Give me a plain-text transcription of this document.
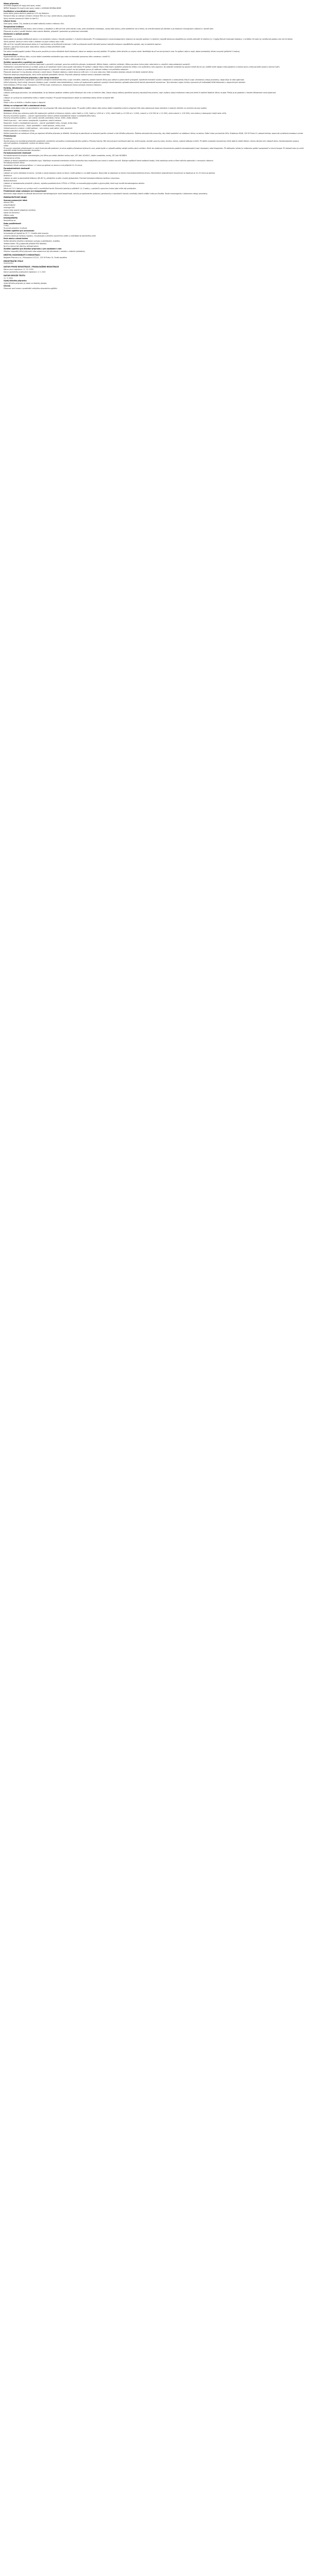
Název přípravku

IXYSPRAY Nalgeset 40 mg/g ústní sprej, roztok

INPRAY Nalgeset 50 mg/ml ústní sprej, roztok v LIDOKAIN BOMBALINSKE

Kvalitativní a kvantitativní složení

Jedna dávka (jedno stlačení) obsahuje 4,25 mg lidokainu.

Pomocné látky se známým účinkem: ethanol 96% (9,2 mg v jedné dávce), propylenglykol.

Úplný seznam pomocných látek viz bod 6.1.

Léková forma

Ústní sprej, roztok. Čirý, bezbarvý až slabě nažloutlý roztok s mátovou vůní.

Terapeutické indikace

Povrchová anestezie sliznice dutiny ústní a hltanu u dospělých a dětí od 6 let: před extrakcí zubu, před zavedením endoskopu, sondy nebo tubusu, před vyšetřením úst a hltanu, ke zmírnění bolesti při afchtách a po drobných chirurgických výkonech v dutině ústní.

Přípravek je určen k použití lékařem nebo zubním lékařem, případně i pacientem po předchozí instruktáži.

Dávkování a způsob podání

Dávkování

Dávka závisí na rozsahu ošetřované plochy a na charakteru výkonu. Obvykle postačují 1–3 stlačení dávkovače. Při endoskopických a bronchoskopických výkonech se obvykle aplikuje 3–4 stlačení; nejvyšší dávka pro dospělého by neměla překročit 20 stlačení (tj. 3 mg/kg tělesné hmotnosti lidokainu). V průběhu 24 hodin by nemělo být podáno více než 40 dávek.

Starší pacienti: dávku je nutno snížit s ohledem na jejich celkový stav a věk.

Děti od 6 let: nejvyšší jednorázová dávka je 3 mg lidokainu na kg tělesné hmotnosti. U dětí se přípravek nanáší výhradně pomocí vatového tamponu napuštěného sprejem, aby se zabránilo aspiraci.

Pacienti s poruchou funkce jater nebo ledvin: dávku je třeba přiměřeně snížit.

Způsob podání

Pro orální a orofaryngeální podání. Před prvním použitím je nutno několikrát stlačit dávkovač, dokud se neobjeví souvislý obláček. Při aplikaci držte lahvičku co nejvíce svisle. Nestříkejte do očí ani do dýchacích cest. Po aplikaci nejíst a nepít, dokud anestetický účinek nevymizí (přibližně 1 hodina).

Kontraindikace

Hypersenzitivita na léčivou látku, na jiná lokální anestetika amidového typu nebo na kteroukoli pomocnou látku uvedenou v bodě 6.1.

Použití u dětí mladších 6 let.

Zvláštní upozornění a opatření pro použití

Přípravek je nutno používat se zvýšenou opatrností u pacientů s epilepsií, poruchou srdečního převodu, bradykardií, těžkým šokem, srdečním selháním, těžkou poruchou funkce jater nebo ledvin a u starších nebo oslabených pacientů.

Vstřebávání z poraněné sliznice je rychlejší, proto je při rozsáhlých lézích nutno použít nižší dávky. Při aplikaci v oblasti hltanu může dojít k potlačení polykacího reflexu a ke zvýšenému riziku aspirace. Do odeznění anestezie by pacient neměl jíst ani pít, zvláště horké nápoje (riziko popálení) a žvýkací gumu (riziko poranění jazyka a sliznice tváří).

Akutní porfyrie: lidokain je pravděpodobně porfyrinogenní, u pacientů s akutní porfyrií má být podáván pouze při naléhavé indikaci a za pečlivého sledování.

Přípravek obsahuje 9,2 mg alkoholu (ethanol) v jedné dávce. Množství alkoholu v jedné dávce je nižší než v 1 ml piva nebo vína. Malé množství alkoholu nebude mít žádné znatelné účinky.

Přípravek obsahuje propylenglykol, který může způsobit podráždění sliznice. Přípravek obsahuje mátové aroma s obsahem mentholu.

Interakce s jinými léčivými přípravky a jiné formy interakce

Lidokain má být používán s opatrností u pacientů užívajících antiarytmika třídy I (např. mexiletin, tokainid), protože toxické účinky jsou aditivní a potenciálně synergické. Specifické interakční studie s lidokainem a antiarytmiky třídy III (např. amiodaron) nebyly provedeny, doporučuje se však opatrnost.

Léčivé přípravky, které snižují clearance lidokainu (např. cimetidin nebo betablokátory), mohou při opakovaném podávání vysokých dávek lidokainu způsobit potenciálně toxické plazmatické koncentrace. Tyto interakce nejsou klinicky významné při krátkodobé léčbě lidokainem v doporučených dávkách.

Silné inhibitory CYP1A2 (např. fluvoxamin) a CYP3A4 (např. erythromycin, itrakonazol) mohou snižovat clearance lidokainu.

Fertilita, těhotenství a kojení

Těhotenství

Lidokain prostupuje placentou. Lze předpokládat, že byl lidokain podáván velkému počtu těhotných žen a žen ve fertilním věku. Dosud nebyly hlášeny specifické poruchy reprodukčního procesu, např. zvýšený výskyt malformací nebo jiné přímé či nepřímé škodlivé účinky na plod. Přesto je při podávání v časném těhotenství nutná opatrnost.

Kojení

Lidokain se vylučuje do mateřského mléka v malém množství. Při použití terapeutických dávek se neočekává žádný účinek na kojené dítě.

Fertilita

Údaje o vlivu na fertilitu u člověka nejsou k dispozici.

Účinky na schopnost řídit a obsluhovat stroje

Lidokain nemá žádný nebo má zanedbatelný vliv na schopnost řídit nebo obsluhovat stroje. Při použití vyšších dávek však mohou lokální anestetika ovlivnit schopnost řídit nebo obsluhovat stroje vzhledem k možným účinkům na centrální nervový systém.

Nežádoucí účinky

Nežádoucí účinky jsou seřazeny podle tříd orgánových systémů a frekvence výskytu: velmi časté (≥ 1/10), časté (≥ 1/100 až < 1/10), méně časté (≥ 1/1 000 až < 1/100), vzácné (≥ 1/10 000 až < 1/1 000), velmi vzácné (< 1/10 000), není známo (z dostupných údajů nelze určit).

Poruchy imunitního systému – vzácné: hypersenzitivní reakce (včetně anafylaktické reakce a anafylaktického šoku).

Poruchy nervového systému – není známo: závratě, parestezie, tremor, křeče, ztráta vědomí.

Srdeční poruchy – není známo: bradykardie, hypotenze, srdeční zástava.

Respirační, hrudní a mediastinální poruchy – vzácné: podráždění hrdla, chrapot, ztráta hlasu.

Gastrointestinální poruchy – časté: podráždění v místě aplikace, změny chuti.

Celkové poruchy a reakce v místě aplikace – není známo: pocit pálení, otok, zarudnutí.

Hlášení podezření na nežádoucí účinky

Hlášení podezření na nežádoucí účinky po registraci léčivého přípravku je důležité. Umožňuje to pokračovat ve sledování poměru přínosů a rizik léčivého přípravku. Žádáme zdravotnické pracovníky, aby hlásili podezření na nežádoucí účinky na adresu: Státní ústav pro kontrolu léčiv, Šrobárova 49/48, 100 00 Praha 10, webové stránky: www.sukl.cz/nahlasit-nezadouci-ucinek.

Předávkování

Symptomy

Toxické projevy se manifestují především postižením centrálního nervového a kardiovaskulárního systému. Příznaky toxicity CNS zahrnují pocit necitlivosti okolí úst, brnění jazyka, závratě, poruchy zraku, tinnitus, tremor, svalové záškuby a křeče. Při dalším zvyšování koncentrace může dojít ke ztrátě vědomí, útlumu dýchání až k zástavě dechu. Kardiovaskulární projevy zahrnují hypotenzi, bradykardii, arytmie až zástavu srdce.

Léčba

Při prvních známkách předávkování je nutné ihned přerušit podávání. Je nutno zajistit průchodnost dýchacích cest, podat kyslík a v případě potřeby zahájit umělou plicní ventilaci. Křeče lze zvládnout intravenózním podáním benzodiazepinů (např. diazepam) nebo thiopentalu. Při oběhovém selhání je indikováno podání vazopresorů a infuzní terapie. Při zástavě srdce je nutné okamžitě zahájit kardiopulmonální resuscitaci.

Farmakodynamické vlastnosti

Farmakoterapeutická skupina: stomatologika, jiná léčiva pro lokální ošetření dutiny ústní, ATC kód: A01AD11; lokální anestetika, amidy, ATC kód: N01BB02.

Mechanismus účinku

Lidokain je lokální anestetikum amidového typu. Stabilizuje neuronální membránu inhibicí iontového toku nezbytného pro iniciaci a vedení vzruchů. Blokuje napěťově řízené sodíkové kanály, čímž zabraňuje vzniku a šíření akčního potenciálu v nervových vláknech.

Farmakodynamické účinky

Anestetický účinek nastupuje během 1–2 minut po aplikaci na sliznici a trvá přibližně 10–15 minut.

Farmakokinetické vlastnosti

Absorpce

Lidokain se rychle vstřebává ze sliznic, rychlost a rozsah absorpce závisí na dávce, místě aplikace a na době expozice. Nejrychleji se absorbuje ze sliznice tracheobronchiálního stromu. Maximálních plazmatických koncentrací se dosahuje za 10–25 minut po aplikaci.

Distribuce

Lidokain se váže na plazmatické bílkoviny (60–80 %), především na alfa-1-kyselý glykoprotein. Prochází hematoencefalickou bariérou i placentou.

Biotransformace

Lidokain je metabolizován převážně v játrech, zejména prostřednictvím CYP1A2 a CYP3A4, na monoethylglycinxylidid a glycinxylidid, které mají rovněž farmakologickou aktivitu.

Eliminace

Méně než 10 % lidokainu se vylučuje močí v nezměněné formě. Eliminační poločas je přibližně 1,5–2 hodiny, u pacientů s poruchou funkce jater může být prodloužen.

Předklinické údaje vztahující se k bezpečnosti

Neklinické údaje získané na základě konvenčních farmakologických studií bezpečnosti, toxicity po opakovaném podávání, genotoxicity a reprodukční toxicity neodhalily žádné zvláštní riziko pro člověka. Studie kancerogenity s lidokainem nebyly provedeny.

FARMACEUTICKÉ ÚDAJE
Seznam pomocných látek

ethanol 96%

propylenglykol

makrogol 400

aroma máty peprné (obsahuje menthol)

sodná sůl sacharinu

čištěná voda

Inkompatibility

Neuplatňuje se.

Doba použitelnosti

3 roky.

Po prvním otevření: 6 měsíců.

Zvláštní opatření pro uchovávání

Uchovávejte při teplotě do 25 °C. Chraňte před mrazem.

Lahvička obsahuje hořlavou kapalinu, nevystavujte ji přímému slunečnímu světlu a nestříkejte do otevřeného ohně.

Druh obalu a obsah balení

Hnědá skleněná lahvička s dávkovací pumpou a aplikátorem, krabička.

Velikost balení: 38 g (odpovídá přibližně 650 dávkám).

Na trhu nemusí být všechny velikosti balení.

Zvláštní opatření pro likvidaci přípravku a pro zacházení s ním

Všechen nepoužitý léčivý přípravek nebo odpad musí být zlikvidován v souladu s místními požadavky.

DRŽITEL ROZHODNUTÍ O REGISTRACI

Nalgeset Pharma s.r.o., Průmyslová 1472/11, 102 00 Praha 10, Česká republika

REGISTRAČNÍ ČÍSLO

01/412/16-C

DATUM PRVNÍ REGISTRACE / PRODLOUŽENÍ REGISTRACE

Datum první registrace: 12. 10. 2016

Datum posledního prodloužení registrace: 4. 5. 2021

DATUM REVIZE TEXTU

11. 3. 2024

Výdej léčivého přípravku

Výdej léčivého přípravku je vázán na lékařský předpis.

Úhrada

Přípravek není hrazen z prostředků veřejného zdravotního pojištění.
